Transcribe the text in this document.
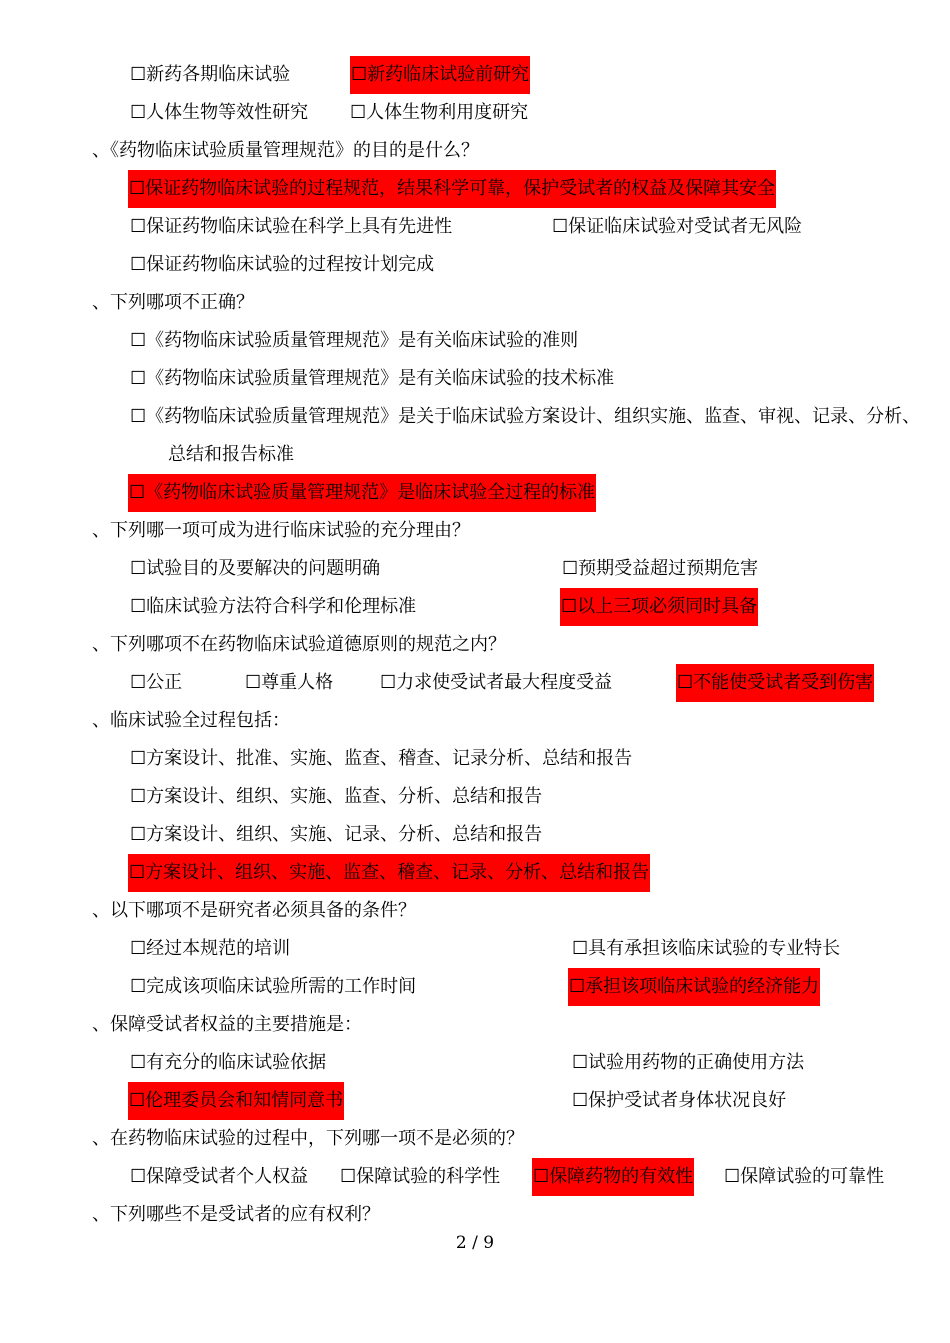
2 / 9
☐新药各期临床试验	☐新药临床试验前研究
☐人体生物等效性研究 ☐人体生物利用度研究
、《药物临床试验质量管理规范》的目的是什么？
☐保证药物临床试验的过程规范，结果科学可靠，保护受试者的权益及保障其安全
☐保证药物临床试验在科学上具有先进性	☐保证临床试验对受试者无风险
☐保证药物临床试验的过程按计划完成
、下列哪项不正确？
☐《药物临床试验质量管理规范》是有关临床试验的准则
☐《药物临床试验质量管理规范》是有关临床试验的技术标准
☐《药物临床试验质量管理规范》是关于临床试验方案设计、组织实施、监查、审视、记录、分析、
总结和报告标准
☐《药物临床试验质量管理规范》是临床试验全过程的标准
、下列哪一项可成为进行临床试验的充分理由？
☐试验目的及要解决的问题明确	☐预期受益超过预期危害
☐临床试验方法符合科学和伦理标准	☐以上三项必须同时具备
、下列哪项不在药物临床试验道德原则的规范之内？
☐公正	☐尊重人格	☐力求使受试者最大程度受益	☐不能使受试者受到伤害
、临床试验全过程包括：
☐方案设计、批准、实施、监查、稽查、记录分析、总结和报告
☐方案设计、组织、实施、监查、分析、总结和报告
☐方案设计、组织、实施、记录、分析、总结和报告
☐方案设计、组织、实施、监查、稽查、记录、分析、总结和报告
、以下哪项不是研究者必须具备的条件？
☐经过本规范的培训	☐具有承担该临床试验的专业特长
☐完成该项临床试验所需的工作时间	☐承担该项临床试验的经济能力
、保障受试者权益的主要措施是：
☐有充分的临床试验依据	☐试验用药物的正确使用方法
☐伦理委员会和知情同意书	☐保护受试者身体状况良好
、在药物临床试验的过程中，下列哪一项不是必须的？
☐保障受试者个人权益 ☐保障试验的科学性 ☐保障药物的有效性 ☐保障试验的可靠性
、下列哪些不是受试者的应有权利？
